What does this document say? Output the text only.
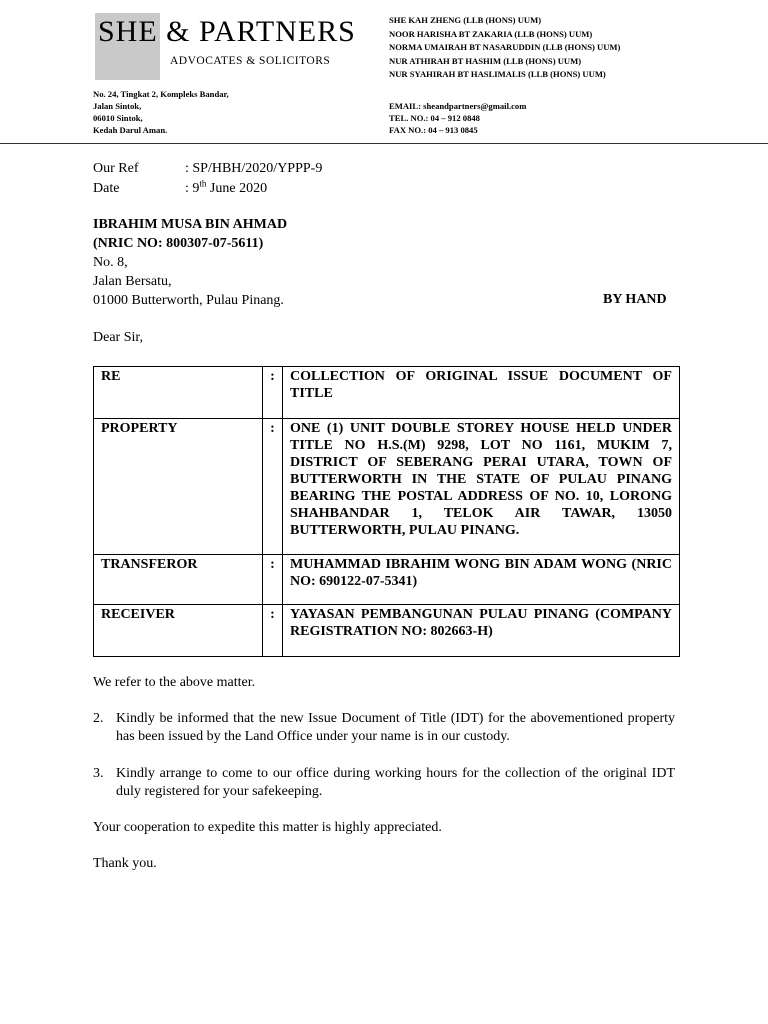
SHE & PARTNERS
ADVOCATES & SOLICITORS
SHE KAH ZHENG (LLB (HONS) UUM)
NOOR HARISHA BT ZAKARIA (LLB (HONS) UUM)
NORMA UMAIRAH BT NASARUDDIN (LLB (HONS) UUM)
NUR ATHIRAH BT HASHIM (LLB (HONS) UUM)
NUR SYAHIRAH BT HASLIMALIS (LLB (HONS) UUM)
No. 24, Tingkat 2, Kompleks Bandar,
Jalan Sintok,
06010 Sintok,
Kedah Darul Aman.
EMAIL: sheandpartners@gmail.com
TEL. NO.: 04 – 912 0848
FAX NO.: 04 – 913 0845
Our Ref	: SP/HBH/2020/YPPP-9
Date	: 9th June 2020
IBRAHIM MUSA BIN AHMAD
(NRIC NO: 800307-07-5611)
No. 8,
Jalan Bersatu,
01000 Butterworth, Pulau Pinang.	BY HAND
Dear Sir,
RE	:	COLLECTION OF ORIGINAL ISSUE DOCUMENT OF TITLE
PROPERTY	:	ONE (1) UNIT DOUBLE STOREY HOUSE HELD UNDER TITLE NO H.S.(M) 9298, LOT NO 1161, MUKIM 7, DISTRICT OF SEBERANG PERAI UTARA, TOWN OF BUTTERWORTH IN THE STATE OF PULAU PINANG BEARING THE POSTAL ADDRESS OF NO. 10, LORONG SHAHBANDAR 1, TELOK AIR TAWAR, 13050 BUTTERWORTH, PULAU PINANG.
TRANSFEROR	:	MUHAMMAD IBRAHIM WONG BIN ADAM WONG (NRIC NO: 690122-07-5341)
RECEIVER	:	YAYASAN PEMBANGUNAN PULAU PINANG (COMPANY REGISTRATION NO: 802663-H)
We refer to the above matter.
2. Kindly be informed that the new Issue Document of Title (IDT) for the abovementioned property has been issued by the Land Office under your name is in our custody.
3. Kindly arrange to come to our office during working hours for the collection of the original IDT duly registered for your safekeeping.
Your cooperation to expedite this matter is highly appreciated.
Thank you.
